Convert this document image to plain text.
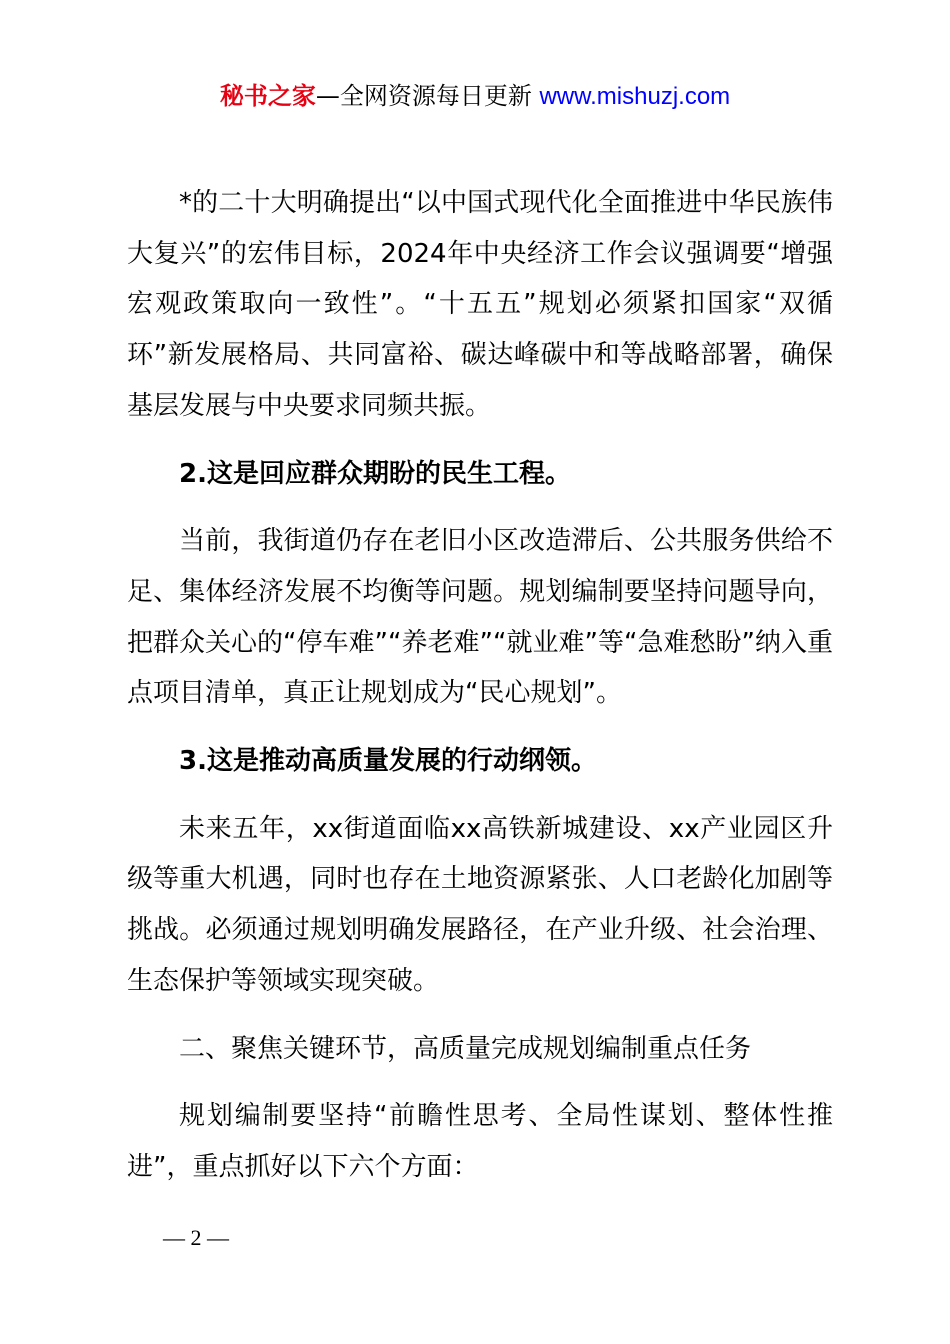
秘书之家—全网资源每日更新 www.mishuzj.com

*的二十大明确提出“以中国式现代化全面推进中华民族伟大复兴”的宏伟目标，2024年中央经济工作会议强调要“增强宏观政策取向一致性”。“十五五”规划必须紧扣国家“双循环”新发展格局、共同富裕、碳达峰碳中和等战略部署，确保基层发展与中央要求同频共振。

2.这是回应群众期盼的民生工程。

当前，我街道仍存在老旧小区改造滞后、公共服务供给不足、集体经济发展不均衡等问题。规划编制要坚持问题导向，把群众关心的“停车难”“养老难”“就业难”等“急难愁盼”纳入重点项目清单，真正让规划成为“民心规划”。

3.这是推动高质量发展的行动纲领。

未来五年，xx街道面临xx高铁新城建设、xx产业园区升级等重大机遇，同时也存在土地资源紧张、人口老龄化加剧等挑战。必须通过规划明确发展路径，在产业升级、社会治理、生态保护等领域实现突破。

二、聚焦关键环节，高质量完成规划编制重点任务

规划编制要坚持“前瞻性思考、全局性谋划、整体性推进”，重点抓好以下六个方面：

— 2 —
